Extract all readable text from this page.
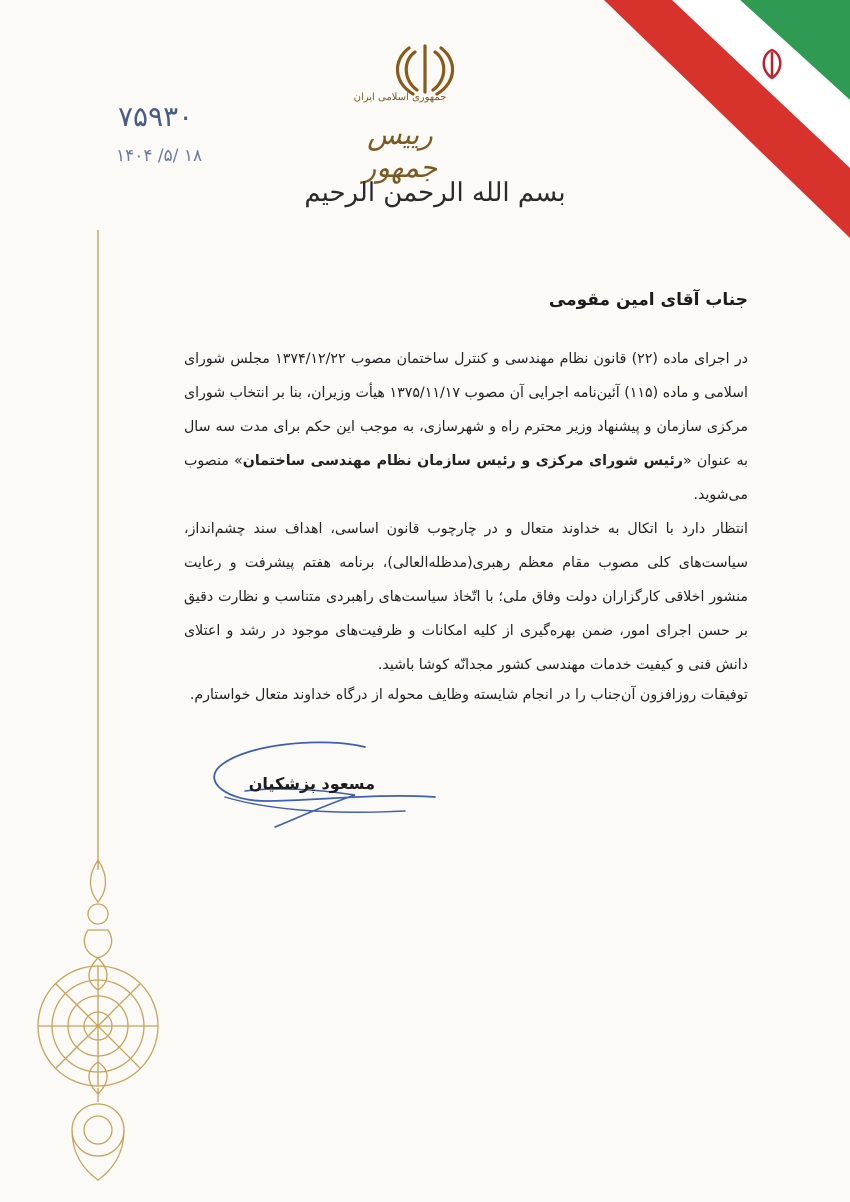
جمهوری اسلامی ایران
رییس جمهور
بسم الله الرحمن الرحیم
۷۵۹۳۰
۱۴۰۴ /۵/ ۱۸
جناب آقای امین مقومی

در اجرای ماده (۲۲) قانون نظام مهندسی و کنترل ساختمان مصوب ۱۳۷۴/۱۲/۲۲ مجلس شورای اسلامی و ماده (۱۱۵) آئین‌نامه اجرایی آن مصوب ۱۳۷۵/۱۱/۱۷ هیأت وزیران، بنا بر انتخاب شورای مرکزی سازمان و پیشنهاد وزیر محترم راه و شهرسازی، به موجب این حکم برای مدت سه سال به عنوان «رئیس شورای مرکزی و رئیس سازمان نظام مهندسی ساختمان» منصوب می‌شوید.

انتظار دارد با اتکال به خداوند متعال و در چارچوب قانون اساسی، اهداف سند چشم‌انداز، سیاست‌های کلی مصوب مقام معظم رهبری(مدظله‌العالی)، برنامه هفتم پیشرفت و رعایت منشور اخلاقی کارگزاران دولت وفاق ملی؛ با اتّخاذ سیاست‌های راهبردی متناسب و نظارت دقیق بر حسن اجرای امور، ضمن بهره‌گیری از کلیه امکانات و ظرفیت‌های موجود در رشد و اعتلای دانش فنی و کیفیت خدمات مهندسی کشور مجدانّه کوشا باشید.

توفیقات روزافزون آن‌جناب را در انجام شایسته وظایف محوله از درگاه خداوند متعال خواستارم.
مسعود پزشکیان
